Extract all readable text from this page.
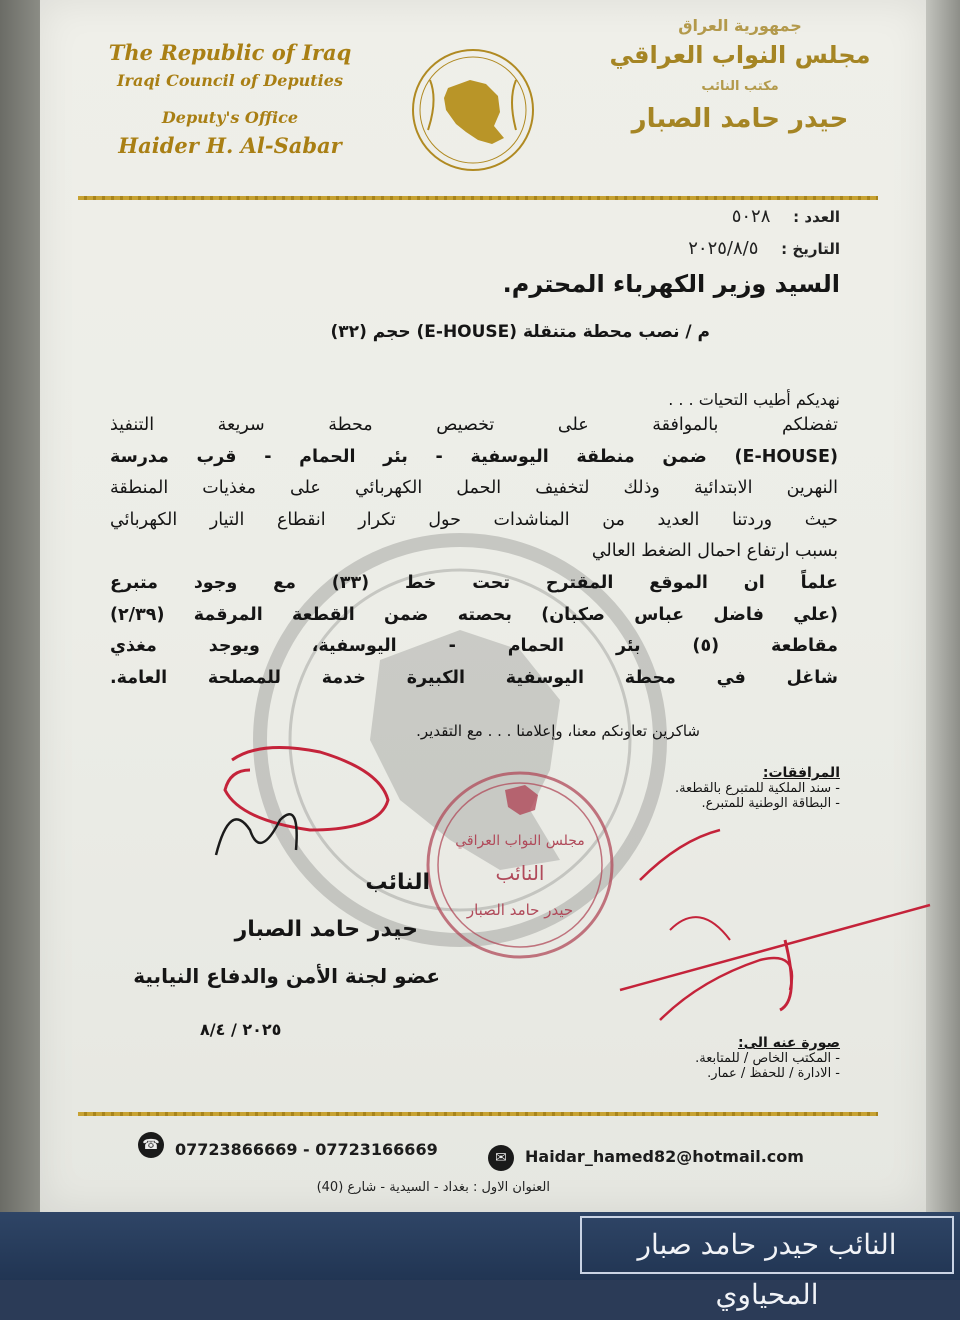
The Republic of Iraq
Iraqi Council of Deputies
Deputy's Office
Haider H. Al-Sabar
جمهورية العراق
مجلس النواب العراقي
مكتب النائب
حيدر حامد الصبار
العدد : ٥٠٢٨
التاريخ : ٢٠٢٥/٨/٥
السيد وزير الكهرباء المحترم.
م / نصب محطة متنقلة (E-HOUSE) حجم (٣٢)
نهديكم أطيب التحيات . . .

تفضلكم بالموافقة على تخصيص محطة سريعة التنفيذ

(E-HOUSE) ضمن منطقة اليوسفية - بئر الحمام - قرب مدرسة

النهرين الابتدائية وذلك لتخفيف الحمل الكهربائي على مغذيات المنطقة

حيث وردتنا العديد من المناشدات حول تكرار انقطاع التيار الكهربائي

بسبب ارتفاع احمال الضغط العالي

علماً ان الموقع المقترح تحت خط (٣٣) مع وجود متبرع

(علي فاضل عباس صكبان) بحصته ضمن القطعة المرقمة (٢/٣٩)

مقاطعة (٥) بئر الحمام - اليوسفية، ويوجد مغذي

شاغل في محطة اليوسفية الكبيرة خدمة للمصلحة العامة.

شاكرين تعاونكم معنا، وإعلامنا . . . مع التقدير.
المرافقات:
- سند الملكية للمتبرع بالقطعة.
- البطاقة الوطنية للمتبرع.
مجلس النواب العراقي
النائب
حيدر حامد الصبار
النائب
حيدر حامد الصبار
عضو لجنة الأمن والدفاع النيابية
٢٠٢٥ / ٨/٤
صورة عنه الى:
- المكتب الخاص / للمتابعة.
- الادارة / للحفظ / عمار.
☎ 07723866669 - 07723166669	✉	Haidar_hamed82@hotmail.com
العنوان الاول : بغداد - السيدية - شارع (40)
النائب حيدر حامد صبار المحياوي
